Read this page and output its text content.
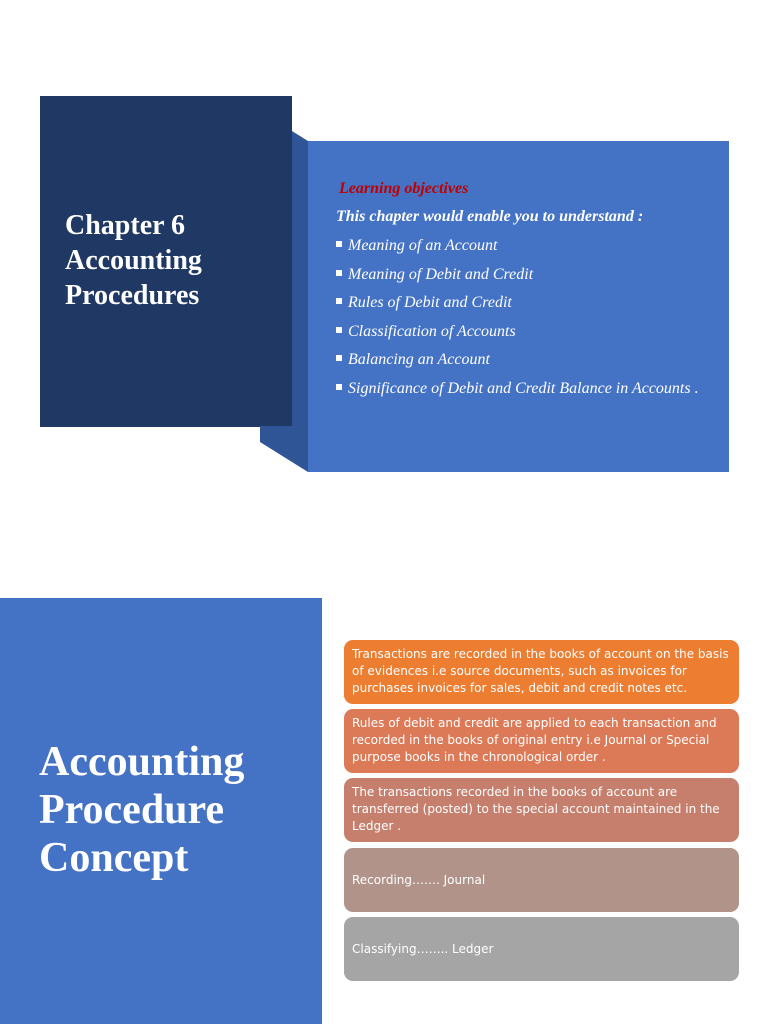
Chapter 6
Accounting
Procedures

Learning objectives

This chapter would enable you to understand :

Meaning of an Account
Meaning of Debit and Credit
Rules of Debit and Credit
Classification of Accounts
Balancing an Account
Significance of Debit and Credit Balance in Accounts .
Accounting
Procedure
Concept
Transactions are recorded in the books of account on the basis of evidences i.e source documents, such as invoices for purchases invoices for sales, debit and credit notes etc.
Rules of debit and credit are applied to each transaction and recorded in the books of original entry i.e Journal or Special purpose books in the chronological order .
The transactions recorded in the books of account are transferred (posted) to the special account maintained in the Ledger .
Recording……. Journal
Classifying…….. Ledger
